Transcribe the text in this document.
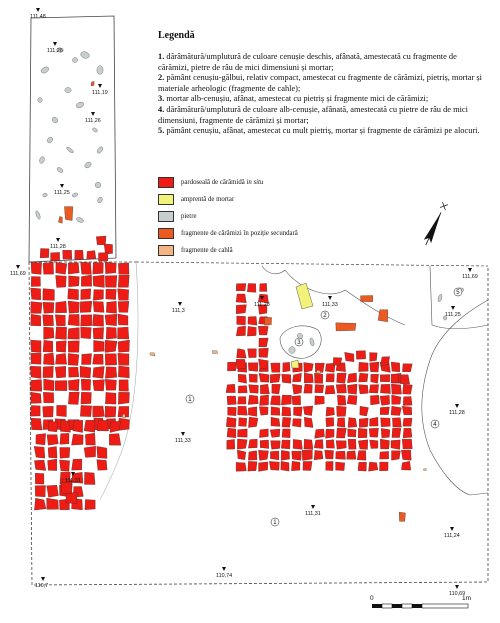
111,48
111,26
111,19
111,26
111,25
111,28
111,69	111,69
111,3
111,33
111,25
111,33
111,31
111,31
111,28
111,24
110,7
110,74
110,69
111,28
1
1
2
3
4
5
0	1m
Legendă

1. dărâmătură/umplutură de culoare cenușie deschis, afânată, amestecată cu fragmente de cărămizi, pietre de râu de mici dimensiuni și mortar;

2. pământ cenușiu-gălbui, relativ compact, amestecat cu fragmente de cărămizi, pietriș, mortar și materiale arheologic (fragmente de cahle);

3. mortar alb-cenușiu, afânat, amestecat cu pietriș și fragmente mici de cărămizi;

4. dărâmătură/umplutură de culoare alb-cenușie, afânată, amestecată cu pietre de râu de mici dimensiuni, fragmente de cărămizi și mortar;

5. pământ cenușiu, afânat, amestecat cu mult pietriș, mortar și fragmente de cărămizi pe alocuri.

pardoseală de cărămidă
in situ
amprentă de mortar
pietre
fragmente de cărămizi în poziție secundară
fragmente de cahlă
